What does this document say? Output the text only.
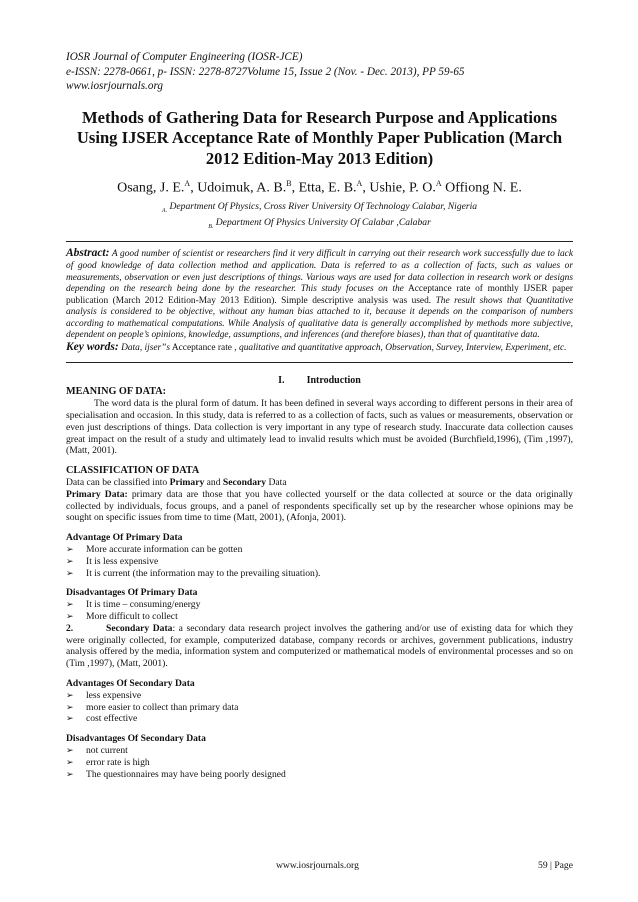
IOSR Journal of Computer Engineering (IOSR-JCE)
e-ISSN: 2278-0661, p- ISSN: 2278-8727Volume 15, Issue 2 (Nov. - Dec. 2013), PP 59-65
www.iosrjournals.org
Methods of Gathering Data for Research Purpose and Applications Using IJSER Acceptance Rate of Monthly Paper Publication (March 2012 Edition-May 2013 Edition)
Osang, J. E.$^A$, Udoimuk, A. B.$^B$, Etta, E. B.$^A$, Ushie, P. O.$^A$ Offiong N. E.
$_{A.}$ Department Of Physics, Cross River University Of Technology Calabar, Nigeria
$_{B.}$ Department Of Physics University Of Calabar ,Calabar
Abstract: A good number of scientist or researchers find it very difficult in carrying out their research work successfully due to lack of good knowledge of data collection method and application. Data is referred to as a collection of facts, such as values or measurements, observation or even just descriptions of things. Various ways are used for data collection in research work or designs depending on the research being done by the researcher. This study focuses on the Acceptance rate of monthly IJSER paper publication (March 2012 Edition-May 2013 Edition). Simple descriptive analysis was used. The result shows that Quantitative analysis is considered to be objective, without any human bias attached to it, because it depends on the comparison of numbers according to mathematical computations. While Analysis of qualitative data is generally accomplished by methods more subjective, dependent on people’s opinions, knowledge, assumptions, and inferences (and therefore biases), than that of quantitative data.
Key words: Data, ijser”s Acceptance rate , qualitative and quantitative approach, Observation, Survey, Interview, Experiment, etc.
I. Introduction
MEANING OF DATA:

The word data is the plural form of datum. It has been defined in several ways according to different persons in their area of specialisation and occasion. In this study, data is referred to as a collection of facts, such as values or measurements, observation or even just descriptions of things. Data collection is very important in any type of research study. Inaccurate data collection causes great impact on the result of a study and ultimately lead to invalid results which must be avoided (Burchfield,1996), (Tim ,1997), (Matt, 2001).

CLASSIFICATION OF DATA

Data can be classified into Primary and Secondary Data

Primary Data: primary data are those that you have collected yourself or the data collected at source or the data originally collected by individuals, focus groups, and a panel of respondents specifically set up by the researcher whose opinions may be sought on specific issues from time to time (Matt, 2001), (Afonja, 2001).

Advantage Of Primary Data
➢ More accurate information can be gotten
➢ It is less expensive
➢ It is current (the information may to the prevailing situation).
Disadvantages Of Primary Data
➢ It is time – consuming/energy
➢ More difficult to collect

2.	Secondary Data: a secondary data research project involves the gathering and/or use of existing data for which they were originally collected, for example, computerized database, company records or archives, government publications, industry analysis offered by the media, information system and computerized or mathematical models of environmental processes and so on (Tim ,1997), (Matt, 2001).

Advantages Of Secondary Data
➢ less expensive
➢ more easier to collect than primary data
➢ cost effective
Disadvantages Of Secondary Data
➢ not current
➢ error rate is high
➢ The questionnaires may have being poorly designed
www.iosrjournals.org	59 | Page
